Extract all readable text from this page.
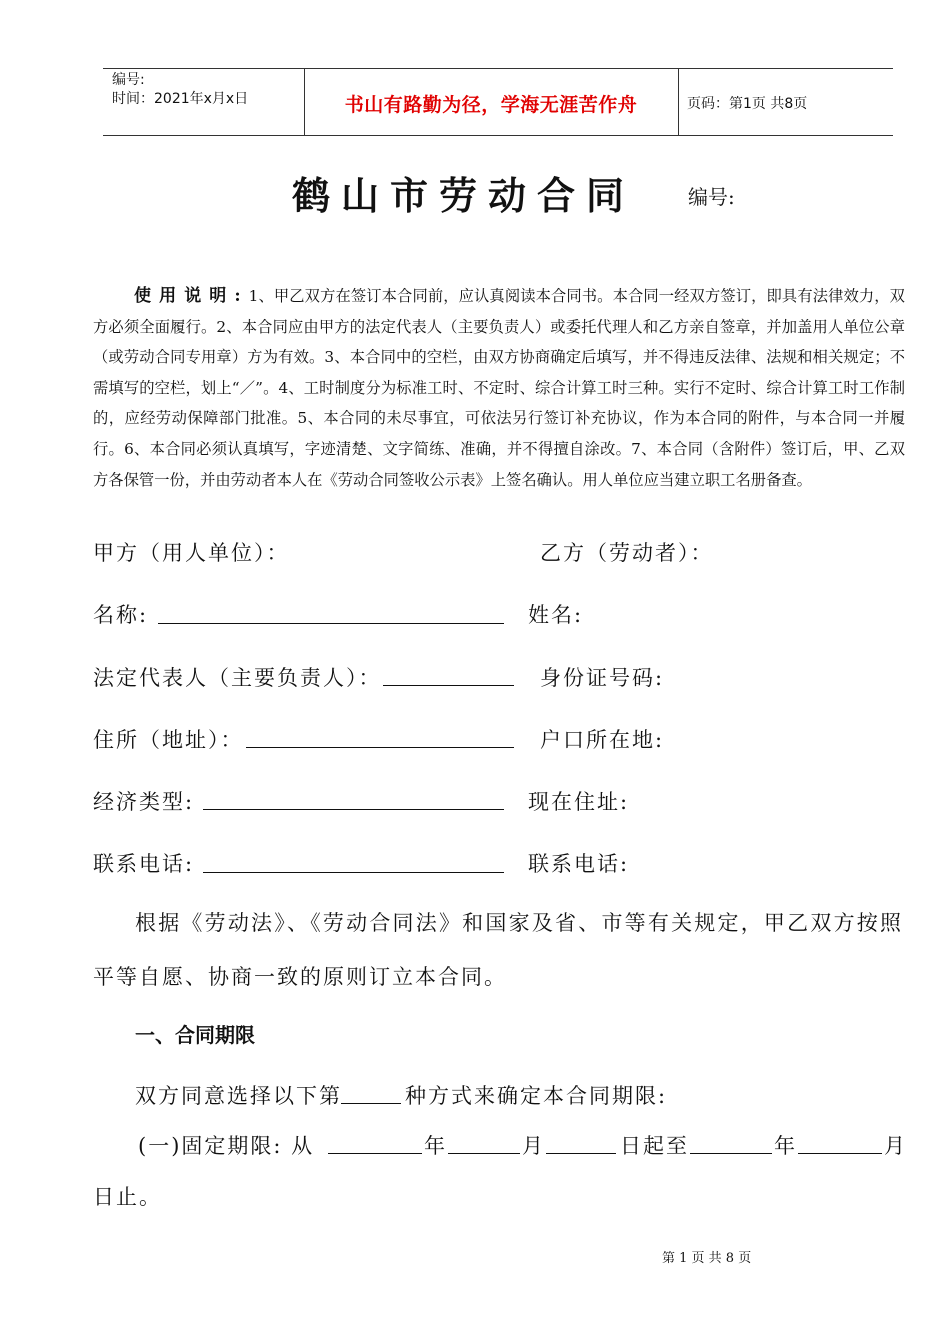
编号:
时间：2021年x月x日	书山有路勤为径，学海无涯苦作舟	页码：第1页 共8页
鹤山市劳动合同	编号:
使用说明:1、甲乙双方在签订本合同前，应认真阅读本合同书。本合同一经双方签订，即具有法律效力，双方必须全面履行。2、本合同应由甲方的法定代表人（主要负责人）或委托代理人和乙方亲自签章，并加盖用人单位公章（或劳动合同专用章）方为有效。3、本合同中的空栏，由双方协商确定后填写，并不得违反法律、法规和相关规定；不需填写的空栏，划上“／”。4、工时制度分为标准工时、不定时、综合计算工时三种。实行不定时、综合计算工时工作制的，应经劳动保障部门批准。5、本合同的未尽事宜，可依法另行签订补充协议，作为本合同的附件，与本合同一并履行。6、本合同必须认真填写，字迹清楚、文字简练、准确，并不得擅自涂改。7、本合同（含附件）签订后，甲、乙双方各保管一份，并由劳动者本人在《劳动合同签收公示表》上签名确认。用人单位应当建立职工名册备查。
甲方（用人单位）：	乙方（劳动者）：
名称:	姓名:
法定代表人（主要负责人）：	身份证号码:
住所（地址）：	户口所在地:
经济类型:	现在住址:
联系电话:	联系电话:
根据《劳动法》、《劳动合同法》和国家及省、市等有关规定，甲乙双方按照平等自愿、协商一致的原则订立本合同。
一、合同期限
双方同意选择以下第	种方式来确定本合同期限:
(一)固定期限: 从	年	月	日起至	年	月
日止。
第 1 页 共 8 页
